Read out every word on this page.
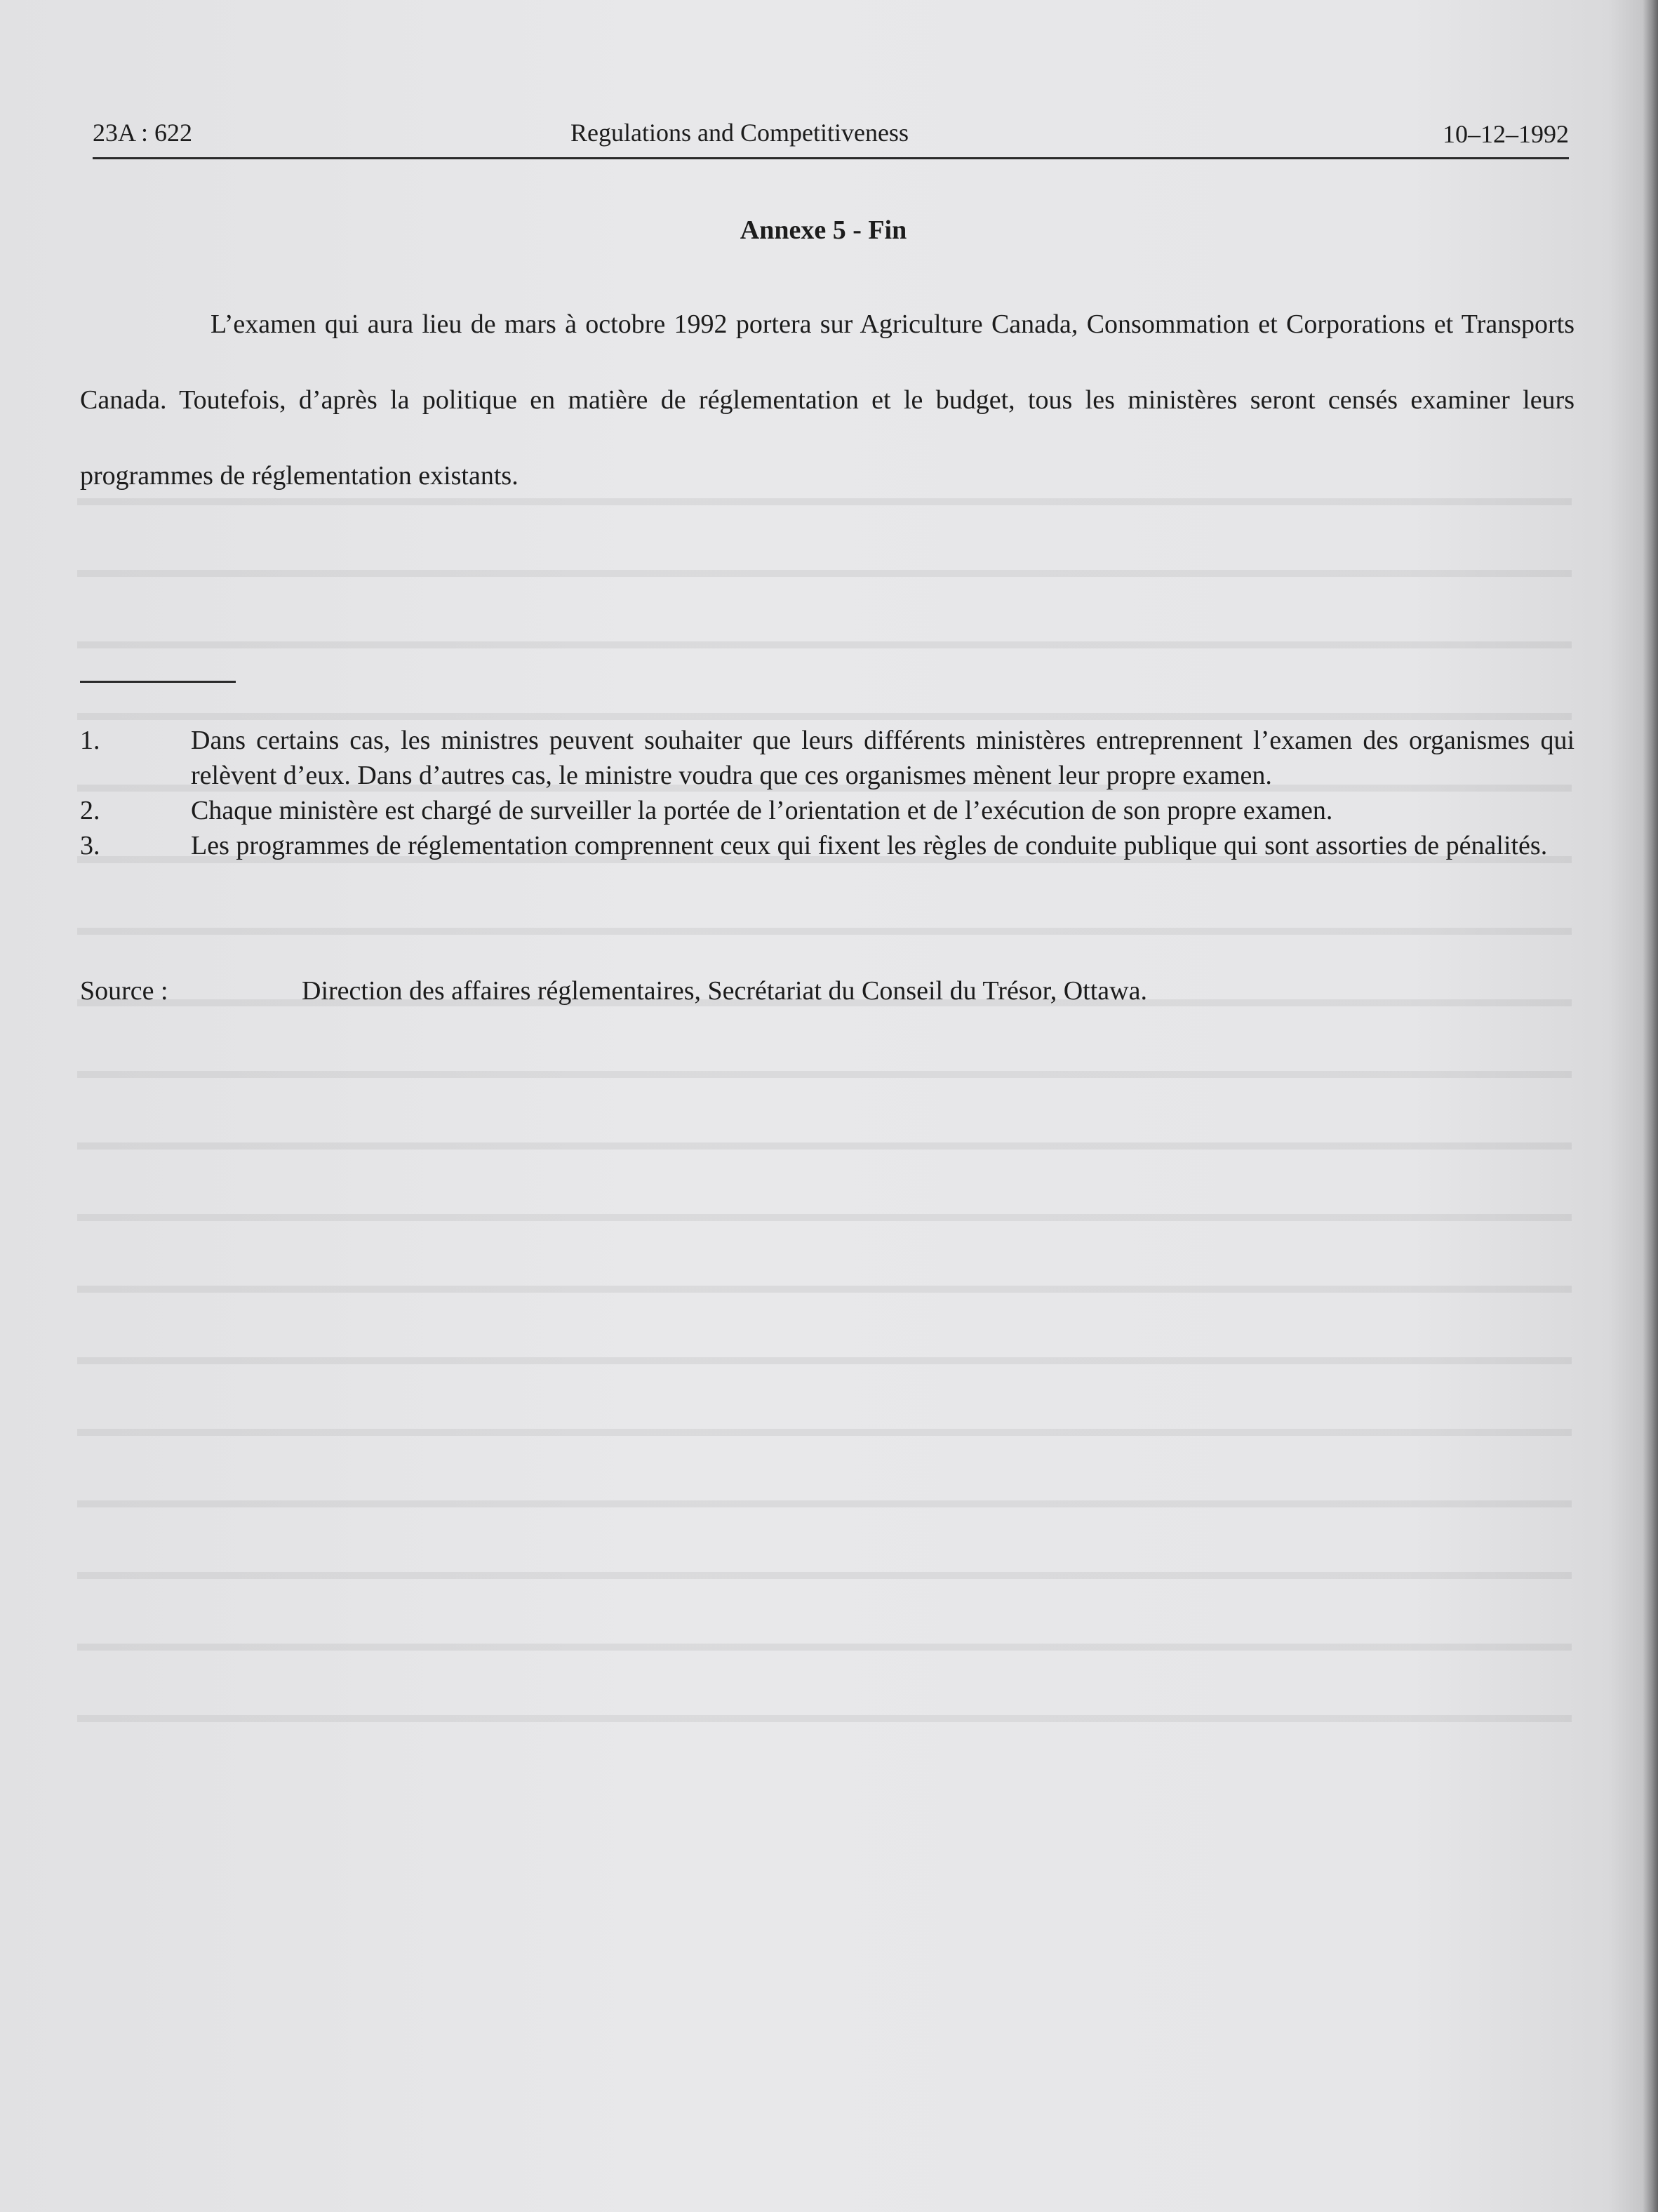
23A : 622	Regulations and Competitiveness	10–12–1992
Annexe 5 - Fin
L’examen qui aura lieu de mars à octobre 1992 portera sur Agriculture Canada, Consommation et Corporations et Transports Canada. Toutefois, d’après la politique en matière de réglementation et le budget, tous les ministères seront censés examiner leurs programmes de réglementation existants.
1.	Dans certains cas, les ministres peuvent souhaiter que leurs différents ministères entreprennent l’examen des organismes qui relèvent d’eux. Dans d’autres cas, le ministre voudra que ces organismes mènent leur propre examen.
2.	Chaque ministère est chargé de surveiller la portée de l’orientation et de l’exécution de son propre examen.
3.	Les programmes de réglementation comprennent ceux qui fixent les règles de conduite publique qui sont assorties de pénalités.
Source :	Direction des affaires réglementaires, Secrétariat du Conseil du Trésor, Ottawa.
